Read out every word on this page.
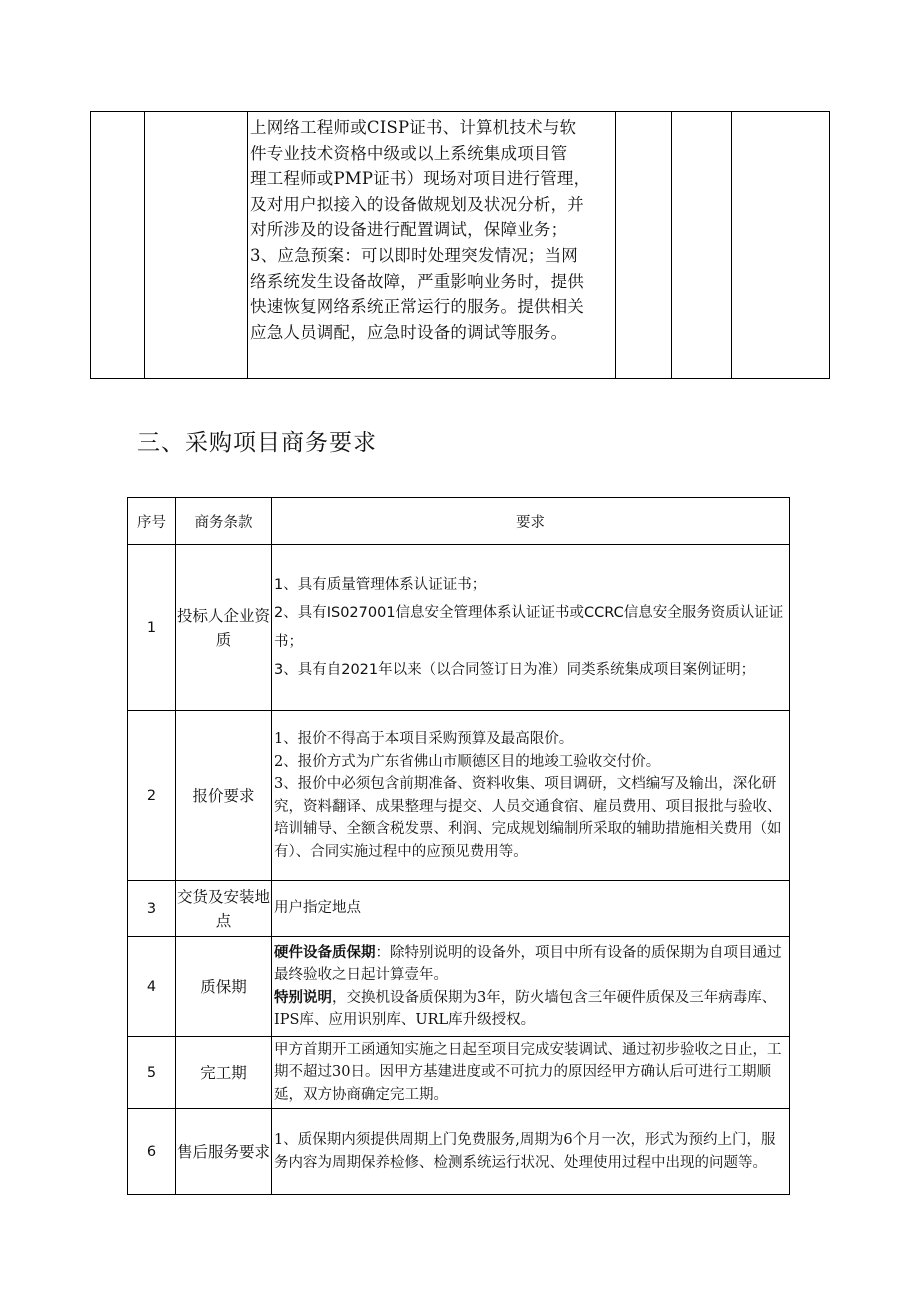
上网络工程师或CISP证书、计算机技术与软

件专业技术资格中级或以上系统集成项目管

理工程师或PMP证书）现场对项目进行管理，

及对用户拟接入的设备做规划及状况分析，并

对所涉及的设备进行配置调试，保障业务；

3、应急预案：可以即时处理突发情况；当网

络系统发生设备故障，严重影响业务时，提供

快速恢复网络系统正常运行的服务。提供相关

应急人员调配，应急时设备的调试等服务。

三、采购项目商务要求
序号	商务条款	要求
1	投标人企业资质	1、具有质量管理体系认证证书；

2、具有IS027001信息安全管理体系认证证书或CCRC信息安全服务资质认证证书；

3、具有自2021年以来（以合同签订日为准）同类系统集成项目案例证明；

2	报价要求	1、报价不得高于本项目采购预算及最高限价。

2、报价方式为广东省佛山市顺德区目的地竣工验收交付价。

3、报价中必须包含前期准备、资料收集、项目调研，文档编写及输出，深化研究，资料翻译、成果整理与提交、人员交通食宿、雇员费用、项目报批与验收、培训辅导、全额含税发票、利润、完成规划编制所采取的辅助措施相关费用（如有）、合同实施过程中的应预见费用等。

3	交货及安装地点	用户指定地点

4	质保期	硬件设备质保期：除特别说明的设备外，项目中所有设备的质保期为自项目通过最终验收之日起计算壹年。

特别说明，交换机设备质保期为3年，防火墙包含三年硬件质保及三年病毒库、IPS库、应用识别库、URL库升级授权。

5	完工期	甲方首期开工函通知实施之日起至项目完成安装调试、通过初步验收之日止，工期不超过30日。因甲方基建进度或不可抗力的原因经甲方确认后可进行工期顺延，双方协商确定完工期。

6	售后服务要求	1、质保期内须提供周期上门免费服务,周期为6个月一次，形式为预约上门，服务内容为周期保养检修、检测系统运行状况、处理使用过程中出现的问题等。
